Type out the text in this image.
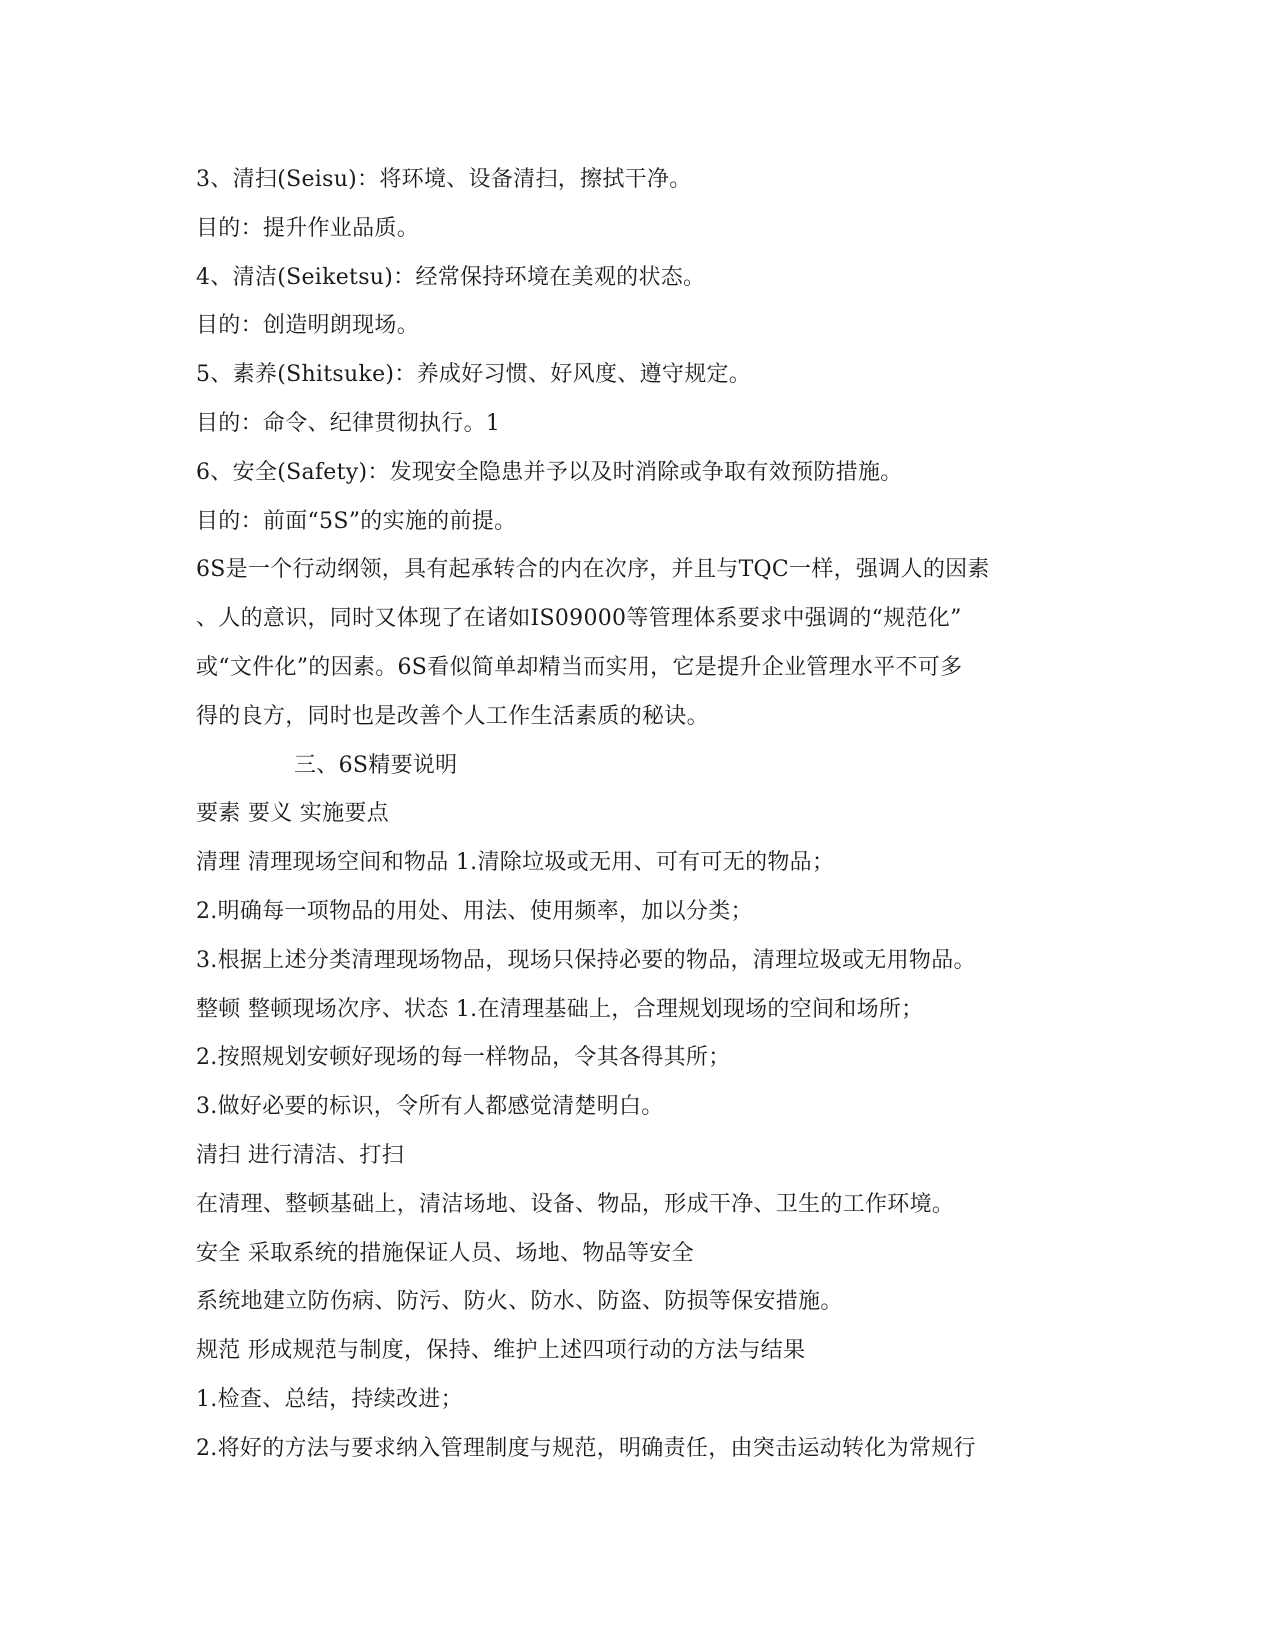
3、清扫(Seisu)：将环境、设备清扫，擦拭干净。
目的：提升作业品质。
4、清洁(Seiketsu)：经常保持环境在美观的状态。
目的：创造明朗现场。
5、素养(Shitsuke)：养成好习惯、好风度、遵守规定。
目的：命令、纪律贯彻执行。1
6、安全(Safety)：发现安全隐患并予以及时消除或争取有效预防措施。
目的：前面“5S”的实施的前提。
6S是一个行动纲领，具有起承转合的内在次序，并且与TQC一样，强调人的因素
、人的意识，同时又体现了在诸如IS09000等管理体系要求中强调的“规范化”
或“文件化”的因素。6S看似简单却精当而实用，它是提升企业管理水平不可多
得的良方，同时也是改善个人工作生活素质的秘诀。
三、6S精要说明
要素 要义 实施要点
清理 清理现场空间和物品 1.清除垃圾或无用、可有可无的物品；
2.明确每一项物品的用处、用法、使用频率，加以分类；
3.根据上述分类清理现场物品，现场只保持必要的物品，清理垃圾或无用物品。
整顿 整顿现场次序、状态 1.在清理基础上，合理规划现场的空间和场所；
2.按照规划安顿好现场的每一样物品，令其各得其所；
3.做好必要的标识，令所有人都感觉清楚明白。
清扫 进行清洁、打扫
在清理、整顿基础上，清洁场地、设备、物品，形成干净、卫生的工作环境。
安全 采取系统的措施保证人员、场地、物品等安全
系统地建立防伤病、防污、防火、防水、防盗、防损等保安措施。
规范 形成规范与制度，保持、维护上述四项行动的方法与结果
1.检查、总结，持续改进；
2.将好的方法与要求纳入管理制度与规范，明确责任，由突击运动转化为常规行
